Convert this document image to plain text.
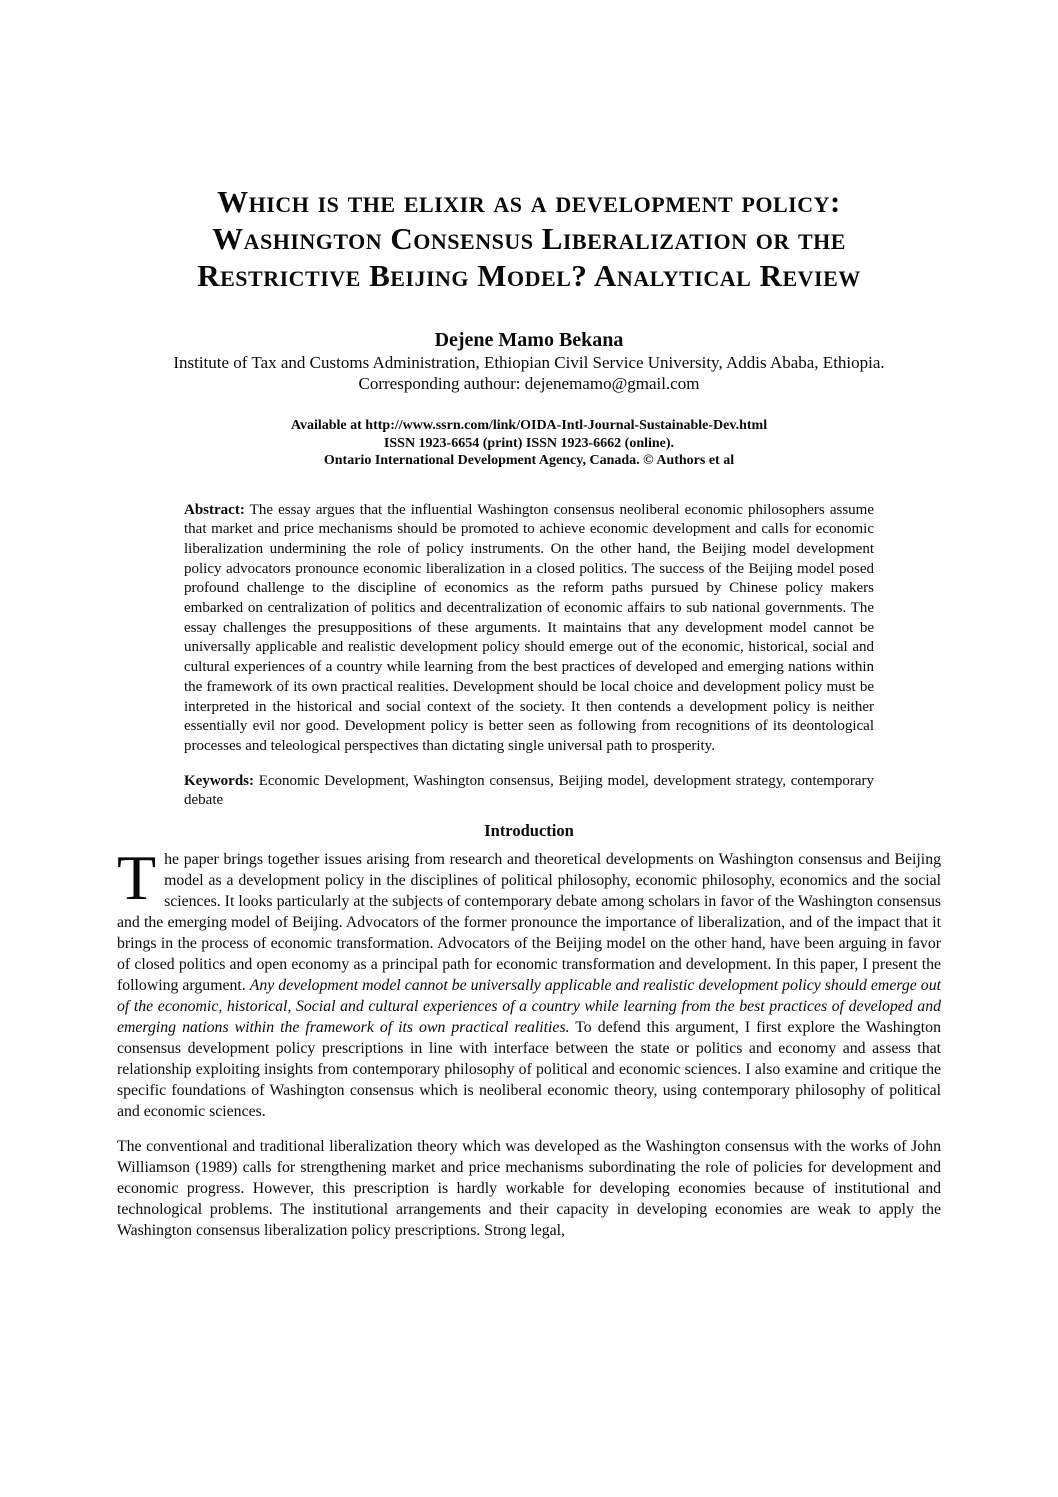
Which is the elixir as a development policy:
Washington Consensus Liberalization or the
Restrictive Beijing Model? Analytical Review
Dejene Mamo Bekana
Institute of Tax and Customs Administration, Ethiopian Civil Service University, Addis Ababa, Ethiopia.
Corresponding authour: dejenemamo@gmail.com
Available at http://www.ssrn.com/link/OIDA-Intl-Journal-Sustainable-Dev.html
ISSN 1923-6654 (print) ISSN 1923-6662 (online).
Ontario International Development Agency, Canada. © Authors et al

Abstract: The essay argues that the influential Washington consensus neoliberal economic philosophers assume that market and price mechanisms should be promoted to achieve economic development and calls for economic liberalization undermining the role of policy instruments. On the other hand, the Beijing model development policy advocators pronounce economic liberalization in a closed politics. The success of the Beijing model posed profound challenge to the discipline of economics as the reform paths pursued by Chinese policy makers embarked on centralization of politics and decentralization of economic affairs to sub national governments. The essay challenges the presuppositions of these arguments. It maintains that any development model cannot be universally applicable and realistic development policy should emerge out of the economic, historical, social and cultural experiences of a country while learning from the best practices of developed and emerging nations within the framework of its own practical realities. Development should be local choice and development policy must be interpreted in the historical and social context of the society. It then contends a development policy is neither essentially evil nor good. Development policy is better seen as following from recognitions of its deontological processes and teleological perspectives than dictating single universal path to prosperity.

Keywords: Economic Development, Washington consensus, Beijing model, development strategy, contemporary debate

Introduction

T he paper brings together issues arising from research and theoretical developments on Washington consensus and Beijing model as a development policy in the disciplines of political philosophy, economic philosophy, economics and the social sciences. It looks particularly at the subjects of contemporary debate among scholars in favor of the Washington consensus and the emerging model of Beijing. Advocators of the former pronounce the importance of liberalization, and of the impact that it brings in the process of economic transformation. Advocators of the Beijing model on the other hand, have been arguing in favor of closed politics and open economy as a principal path for economic transformation and development. In this paper, I present the following argument. Any development model cannot be universally applicable and realistic development policy should emerge out of the economic, historical, Social and cultural experiences of a country while learning from the best practices of developed and emerging nations within the framework of its own practical realities. To defend this argument, I first explore the Washington consensus development policy prescriptions in line with interface between the state or politics and economy and assess that relationship exploiting insights from contemporary philosophy of political and economic sciences. I also examine and critique the specific foundations of Washington consensus which is neoliberal economic theory, using contemporary philosophy of political and economic sciences.

The conventional and traditional liberalization theory which was developed as the Washington consensus with the works of John Williamson (1989) calls for strengthening market and price mechanisms subordinating the role of policies for development and economic progress. However, this prescription is hardly workable for developing economies because of institutional and technological problems. The institutional arrangements and their capacity in developing economies are weak to apply the Washington consensus liberalization policy prescriptions. Strong legal,
